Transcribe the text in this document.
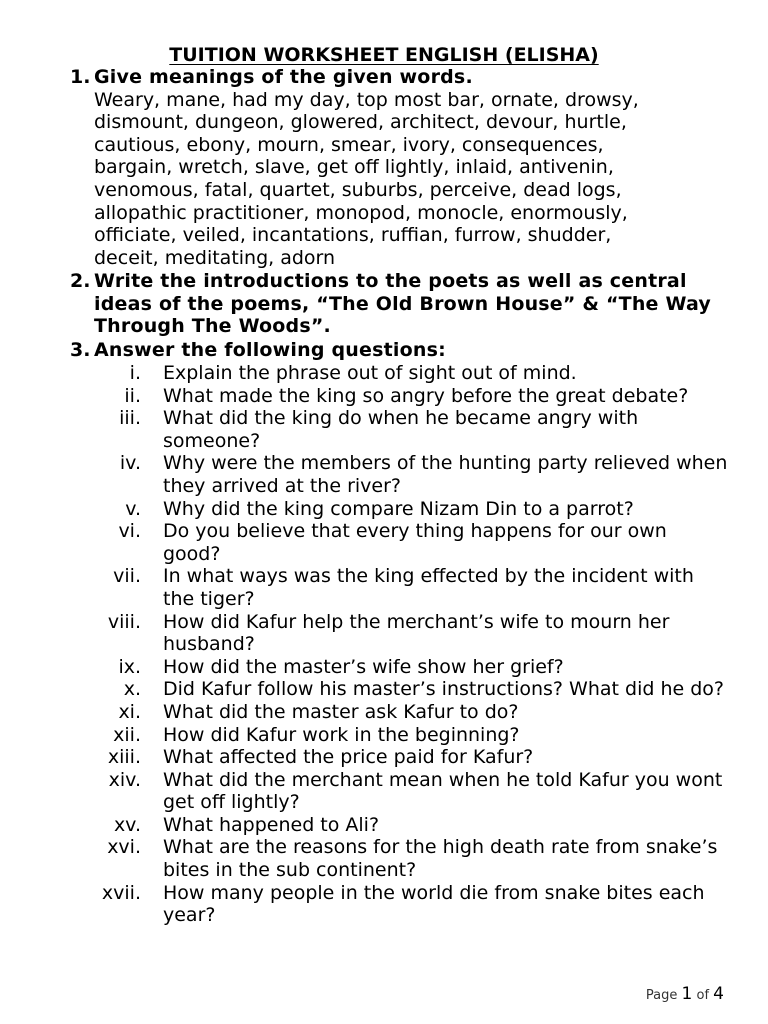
TUITION WORKSHEET ENGLISH (ELISHA)
1. Give meanings of the given words.
Weary, mane, had my day, top most bar, ornate, drowsy,
dismount, dungeon, glowered, architect, devour, hurtle,
cautious, ebony, mourn, smear, ivory, consequences,
bargain, wretch, slave, get off lightly, inlaid, antivenin,
venomous, fatal, quartet, suburbs, perceive, dead logs,
allopathic practitioner, monopod, monocle, enormously,
officiate, veiled, incantations, ruffian, furrow, shudder,
deceit, meditating, adorn
2. Write the introductions to the poets as well as central ideas of the poems, “The Old Brown House” & “The Way Through The Woods”.
3. Answer the following questions:
i. Explain the phrase out of sight out of mind.
ii. What made the king so angry before the great debate?
iii. What did the king do when he became angry with someone?
iv. Why were the members of the hunting party relieved when they arrived at the river?
v. Why did the king compare Nizam Din to a parrot?
vi. Do you believe that every thing happens for our own good?
vii. In what ways was the king effected by the incident with the tiger?
viii. How did Kafur help the merchant’s wife to mourn her husband?
ix. How did the master’s wife show her grief?
x. Did Kafur follow his master’s instructions? What did he do?
xi. What did the master ask Kafur to do?
xii. How did Kafur work in the beginning?
xiii. What affected the price paid for Kafur?
xiv. What did the merchant mean when he told Kafur you wont get off lightly?
xv. What happened to Ali?
xvi. What are the reasons for the high death rate from snake’s bites in the sub continent?
xvii. How many people in the world die from snake bites each year?
Page 1 of 4
